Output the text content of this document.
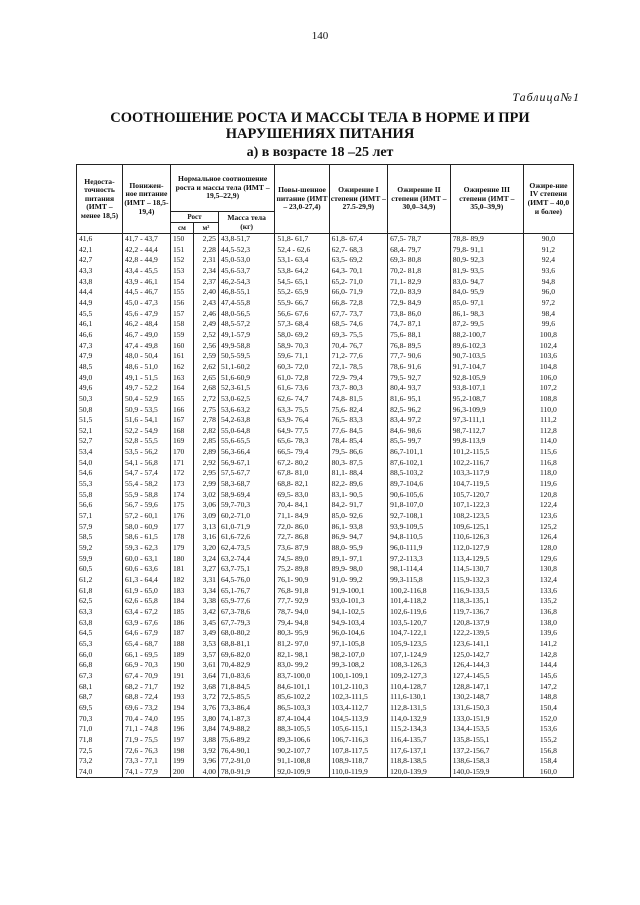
140
Таблица№1
СООТНОШЕНИЕ РОСТА И МАССЫ ТЕЛА В НОРМЕ И ПРИ НАРУШЕНИЯХ ПИТАНИЯ
а) в возрасте 18 –25 лет
Недоста-точность питания (ИМТ – менее 18,5)	Понижен-ное питание (ИМТ – 18,5-19,4)	Нормальное соотношение роста и массы тела (ИМТ – 19,5–22,9)			Повы-шенное питание (ИМТ – 23,0-27,4)	Ожирение I степени (ИМТ – 27.5-29,9)	Ожирение II степени (ИМТ – 30,0–34,9)	Ожирение III степени (ИМТ – 35,0–39,9)	Ожире-ние IV степени (ИМТ – 40,0 и более)
		Рост		Масса тела (кг)					
		см	м²						
41,6	41,7 - 43,7	150	2,25	43,8-51,7	51,8- 61,7	61,8- 67,4	67,5- 78,7	78,8- 89,9	90,0
42,1	42,2 - 44,4	151	2,28	44,5-52,3	52,4 - 62,6	62,7- 68,3	68,4- 79,7	79,8- 91,1	91,2
42,7	42,8 - 44,9	152	2,31	45,0-53,0	53,1- 63,4	63,5- 69,2	69,3- 80,8	80,9- 92,3	92,4
43,3	43,4 - 45,5	153	2,34	45,6-53,7	53,8- 64,2	64,3- 70,1	70,2- 81,8	81,9- 93,5	93,6
43,8	43,9 - 46,1	154	2,37	46,2-54,3	54,5- 65,1	65,2- 71,0	71,1- 82,9	83,0- 94,7	94,8
44,4	44,5 - 46,7	155	2,40	46,8-55,1	55,2- 65,9	66,0- 71,9	72,0- 83,9	84,0- 95,9	96,0
44,9	45,0 - 47,3	156	2,43	47,4-55,8	55,9- 66,7	66,8- 72,8	72,9- 84,9	85,0- 97,1	97,2
45,5	45,6 - 47,9	157	2,46	48,0-56,5	56,6- 67,6	67,7- 73,7	73,8- 86,0	86,1- 98,3	98,4
46,1	46,2 - 48,4	158	2,49	48,5-57,2	57,3- 68,4	68,5- 74,6	74,7- 87,1	87,2- 99,5	99,6
46,6	46,7 - 49,0	159	2,52	49,1-57,9	58,0- 69,2	69,3- 75,5	75,6- 88,1	88,2-100,7	100,8
47,3	47,4 - 49,8	160	2,56	49,9-58,8	58,9- 70,3	70,4- 76,7	76,8- 89,5	89,6-102,3	102,4
47,9	48,0 - 50,4	161	2,59	50,5-59,5	59,6- 71,1	71,2- 77,6	77,7- 90,6	90,7-103,5	103,6
48,5	48,6 - 51,0	162	2,62	51,1-60,2	60,3- 72,0	72,1- 78,5	78,6- 91,6	91,7-104,7	104,8
49,0	49,1 - 51,5	163	2,65	51,6-60,9	61,0- 72,8	72,9- 79,4	79,5- 92,7	92,8-105,9	106,0
49,6	49,7 - 52,2	164	2,68	52,3-61,5	61,6- 73,6	73,7- 80,3	80,4- 93,7	93,8-107,1	107,2
50,3	50,4 - 52,9	165	2,72	53,0-62,5	62,6- 74,7	74,8- 81,5	81,6- 95,1	95,2-108,7	108,8
50,8	50,9 - 53,5	166	2,75	53,6-63,2	63,3- 75,5	75,6- 82,4	82,5- 96,2	96,3-109,9	110,0
51,5	51,6 - 54,1	167	2,78	54,2-63,8	63,9- 76,4	76,5- 83,3	83,4- 97,2	97,3-111,1	111,2
52,1	52,2 - 54,9	168	2,82	55,0-64,8	64,9- 77,5	77,6- 84,5	84,6- 98,6	98,7-112,7	112,8
52,7	52,8 - 55,5	169	2,85	55,6-65,5	65,6- 78,3	78,4- 85,4	85,5- 99,7	99,8-113,9	114,0
53,4	53,5 - 56,2	170	2,89	56,3-66,4	66,5- 79,4	79,5- 86,6	86,7-101,1	101,2-115,5	115,6
54,0	54,1 - 56,8	171	2,92	56,9-67,1	67,2- 80,2	80,3- 87,5	87,6-102,1	102,2-116,7	116,8
54,6	54,7 - 57,4	172	2,95	57,5-67,7	67,8- 81,0	81,1- 88,4	88,5-103,2	103,3-117,9	118,0
55,3	55,4 - 58,2	173	2,99	58,3-68,7	68,8- 82,1	82,2- 89,6	89,7-104,6	104,7-119,5	119,6
55,8	55,9 - 58,8	174	3,02	58,9-69,4	69,5- 83,0	83,1- 90,5	90,6-105,6	105,7-120,7	120,8
56,6	56,7 - 59,6	175	3,06	59,7-70,3	70,4- 84,1	84,2- 91,7	91,8-107,0	107,1-122,3	122,4
57,1	57,2 - 60,1	176	3,09	60,2-71,0	71,1- 84,9	85,0- 92,6	92,7-108,1	108,2-123,5	123,6
57,9	58,0 - 60,9	177	3,13	61,0-71,9	72,0- 86,0	86,1- 93,8	93,9-109,5	109,6-125,1	125,2
58,5	58,6 - 61,5	178	3,16	61,6-72,6	72,7- 86,8	86,9- 94,7	94,8-110,5	110,6-126,3	126,4
59,2	59,3 - 62,3	179	3,20	62,4-73,5	73,6- 87,9	88,0- 95,9	96,0-111,9	112,0-127,9	128,0
59,9	60,0 - 63,1	180	3,24	63,2-74,4	74,5- 89,0	89,1- 97,1	97,2-113,3	113,4-129,5	129,6
60,5	60,6 - 63,6	181	3,27	63,7-75,1	75,2- 89,8	89,9- 98,0	98,1-114,4	114,5-130,7	130,8
61,2	61,3 - 64,4	182	3,31	64,5-76,0	76,1- 90,9	91,0- 99,2	99,3-115,8	115,9-132,3	132,4
61,8	61,9 - 65,0	183	3,34	65,1-76,7	76,8- 91,8	91,9-100,1	100,2-116,8	116,9-133,5	133,6
62,5	62,6 - 65,8	184	3,38	65,9-77,6	77,7- 92,9	93,0-101,3	101,4-118,2	118,3-135,1	135,2
63,3	63,4 - 67,2	185	3,42	67,3-78,6	78,7- 94,0	94,1-102,5	102,6-119,6	119,7-136,7	136,8
63,8	63,9 - 67,6	186	3,45	67,7-79,3	79,4- 94,8	94,9-103,4	103,5-120,7	120,8-137,9	138,0
64,5	64,6 - 67,9	187	3,49	68,0-80,2	80,3- 95,9	96,0-104,6	104,7-122,1	122,2-139,5	139,6
65,3	65,4 - 68,7	188	3,53	68,8-81,1	81,2- 97,0	97,1-105,8	105,9-123,5	123,6-141,1	141,2
66,0	66,1 - 69,5	189	3,57	69,6-82,0	82,1- 98,1	98,2-107,0	107,1-124,9	125,0-142,7	142,8
66,8	66,9 - 70,3	190	3,61	70,4-82,9	83,0- 99,2	99,3-108,2	108,3-126,3	126,4-144,3	144,4
67,3	67,4 - 70,9	191	3,64	71,0-83,6	83,7-100,0	100,1-109,1	109,2-127,3	127,4-145,5	145,6
68,1	68,2 - 71,7	192	3,68	71,8-84,5	84,6-101,1	101,2-110,3	110,4-128,7	128,8-147,1	147,2
68,7	68,8 - 72,4	193	3,72	72,5-85,5	85,6-102,2	102,3-111,5	111,6-130,1	130,2-148,7	148,8
69,5	69,6 - 73,2	194	3,76	73,3-86,4	86,5-103,3	103,4-112,7	112,8-131,5	131,6-150,3	150,4
70,3	70,4 - 74,0	195	3,80	74,1-87,3	87,4-104,4	104,5-113,9	114,0-132,9	133,0-151,9	152,0
71,0	71,1 - 74,8	196	3,84	74,9-88,2	88,3-105,5	105,6-115,1	115,2-134,3	134,4-153,5	153,6
71,8	71,9 - 75,5	197	3,88	75,6-89,2	89,3-106,6	106,7-116,3	116,4-135,7	135,8-155,1	155,2
72,5	72,6 - 76,3	198	3,92	76,4-90,1	90,2-107,7	107,8-117,5	117,6-137,1	137,2-156,7	156,8
73,2	73,3 - 77,1	199	3,96	77,2-91,0	91,1-108,8	108,9-118,7	118,8-138,5	138,6-158,3	158,4
74,0	74,1 - 77,9	200	4,00	78,0-91,9	92,0-109,9	110,0-119,9	120,0-139,9	140,0-159,9	160,0
